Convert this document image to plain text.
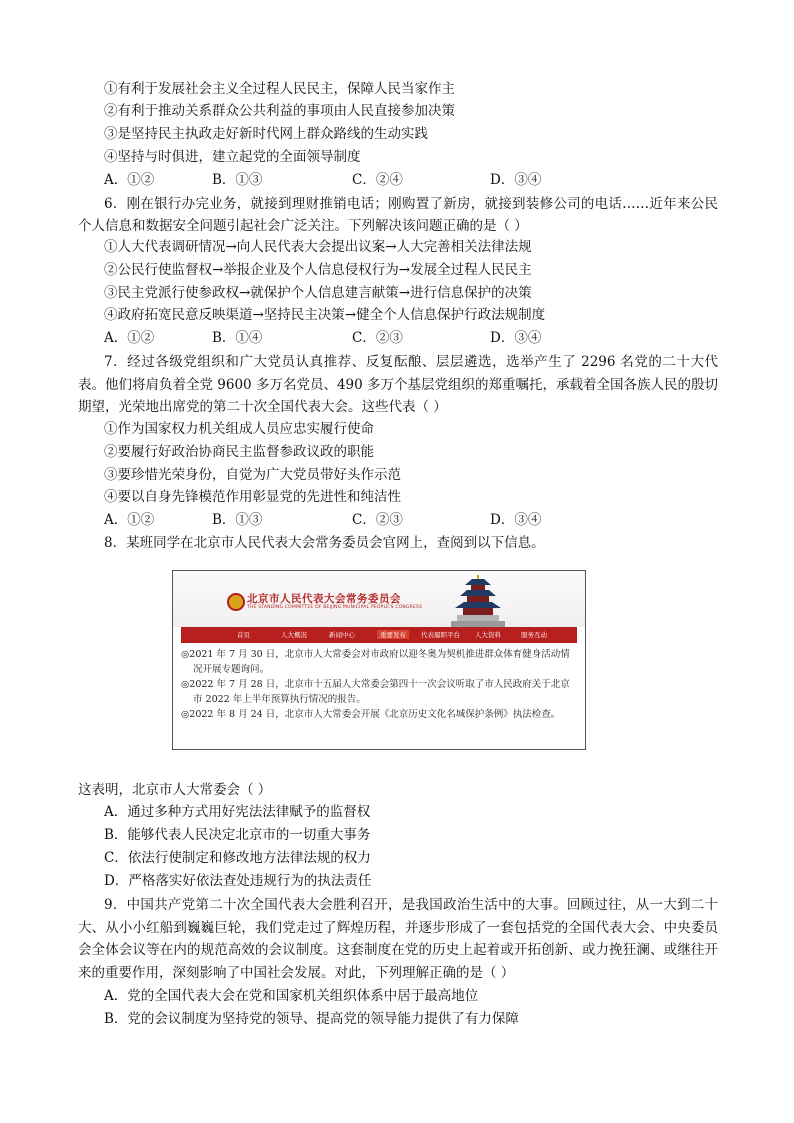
①有利于发展社会主义全过程人民民主，保障人民当家作主
②有利于推动关系群众公共利益的事项由人民直接参加决策
③是坚持民主执政走好新时代网上群众路线的生动实践
④坚持与时俱进，建立起党的全面领导制度
A．①②	B．①③	C．②④	D．③④
6．刚在银行办完业务，就接到理财推销电话；刚购置了新房，就接到装修公司的电话……近年来公民个人信息和数据安全问题引起社会广泛关注。下列解决该问题正确的是（ ）
①人大代表调研情况→向人民代表大会提出议案→人大完善相关法律法规
②公民行使监督权→举报企业及个人信息侵权行为→发展全过程人民民主
③民主党派行使参政权→就保护个人信息建言献策→进行信息保护的决策
④政府拓宽民意反映渠道→坚持民主决策→健全个人信息保护行政法规制度
A．①②	B．①④	C．②③	D．③④
7．经过各级党组织和广大党员认真推荐、反复酝酿、层层遴选，选举产生了 2296 名党的二十大代表。他们将肩负着全党 9600 多万名党员、490 多万个基层党组织的郑重嘱托，承载着全国各族人民的殷切期望，光荣地出席党的第二十次全国代表大会。这些代表（ ）
①作为国家权力机关组成人员应忠实履行使命
②要履行好政治协商民主监督参政议政的职能
③要珍惜光荣身份，自觉为广大党员带好头作示范
④要以自身先锋模范作用彰显党的先进性和纯洁性
A．①②	B．①③	C．②③	D．③④
8．某班同学在北京市人民代表大会常务委员会官网上，查阅到以下信息。
北京市人民代表大会常务委员会
THE STANDING COMMITTEE OF BEIJING MUNICIPAL PEOPLE'S CONGRESS
首页	人大概况	新闻中心	重要发布	代表履职平台 人大资料	服务互动

◎2021 年 7 月 30 日，北京市人大常委会对市政府以迎冬奥为契机推进群众体育健身活动情况开展专题询问。

◎2022 年 7 月 28 日，北京市十五届人大常委会第四十一次会议听取了市人民政府关于北京市 2022 年上半年预算执行情况的报告。

◎2022 年 8 月 24 日，北京市人大常委会开展《北京历史文化名城保护条例》执法检查。

这表明，北京市人大常委会（ ）
A．通过多种方式用好宪法法律赋予的监督权
B．能够代表人民决定北京市的一切重大事务
C．依法行使制定和修改地方法律法规的权力
D．严格落实好依法查处违规行为的执法责任
9．中国共产党第二十次全国代表大会胜利召开，是我国政治生活中的大事。回顾过往，从一大到二十大、从小小红船到巍巍巨轮，我们党走过了辉煌历程，并逐步形成了一套包括党的全国代表大会、中央委员会全体会议等在内的规范高效的会议制度。这套制度在党的历史上起着或开拓创新、或力挽狂澜、或继往开来的重要作用，深刻影响了中国社会发展。对此，下列理解正确的是（ ）
A．党的全国代表大会在党和国家机关组织体系中居于最高地位
B．党的会议制度为坚持党的领导、提高党的领导能力提供了有力保障
